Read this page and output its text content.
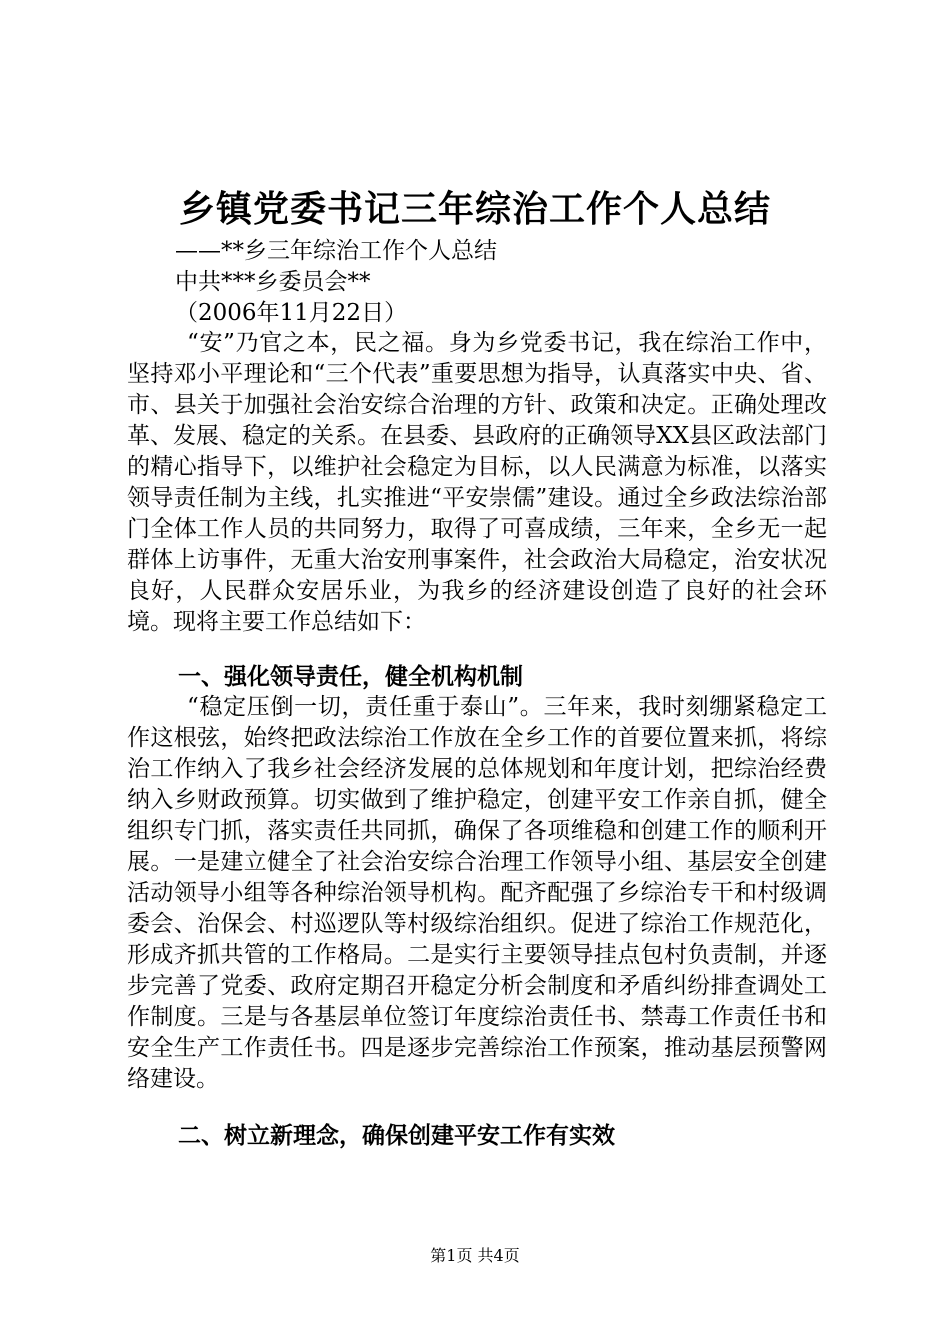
乡镇党委书记三年综治工作个人总结
——**乡三年综治工作个人总结
中共***乡委员会**
（2006年11月22日）

“安”乃官之本，民之福。身为乡党委书记，我在综治工作中，坚持邓小平理论和“三个代表”重要思想为指导，认真落实中央、省、市、县关于加强社会治安综合治理的方针、政策和决定。正确处理改革、发展、稳定的关系。在县委、县政府的正确领导XX县区政法部门的精心指导下，以维护社会稳定为目标，以人民满意为标准，以落实领导责任制为主线，扎实推进“平安崇儒”建设。通过全乡政法综治部门全体工作人员的共同努力，取得了可喜成绩，三年来，全乡无一起群体上访事件，无重大治安刑事案件，社会政治大局稳定，治安状况良好，人民群众安居乐业，为我乡的经济建设创造了良好的社会环境。现将主要工作总结如下：

一、强化领导责任，健全机构机制

“稳定压倒一切，责任重于泰山”。三年来，我时刻绷紧稳定工作这根弦，始终把政法综治工作放在全乡工作的首要位置来抓，将综治工作纳入了我乡社会经济发展的总体规划和年度计划，把综治经费纳入乡财政预算。切实做到了维护稳定，创建平安工作亲自抓，健全组织专门抓，落实责任共同抓，确保了各项维稳和创建工作的顺利开展。一是建立健全了社会治安综合治理工作领导小组、基层安全创建活动领导小组等各种综治领导机构。配齐配强了乡综治专干和村级调委会、治保会、村巡逻队等村级综治组织。促进了综治工作规范化，形成齐抓共管的工作格局。二是实行主要领导挂点包村负责制，并逐步完善了党委、政府定期召开稳定分析会制度和矛盾纠纷排查调处工作制度。三是与各基层单位签订年度综治责任书、禁毒工作责任书和安全生产工作责任书。四是逐步完善综治工作预案，推动基层预警网络建设。

二、树立新理念，确保创建平安工作有实效
第1页 共4页
